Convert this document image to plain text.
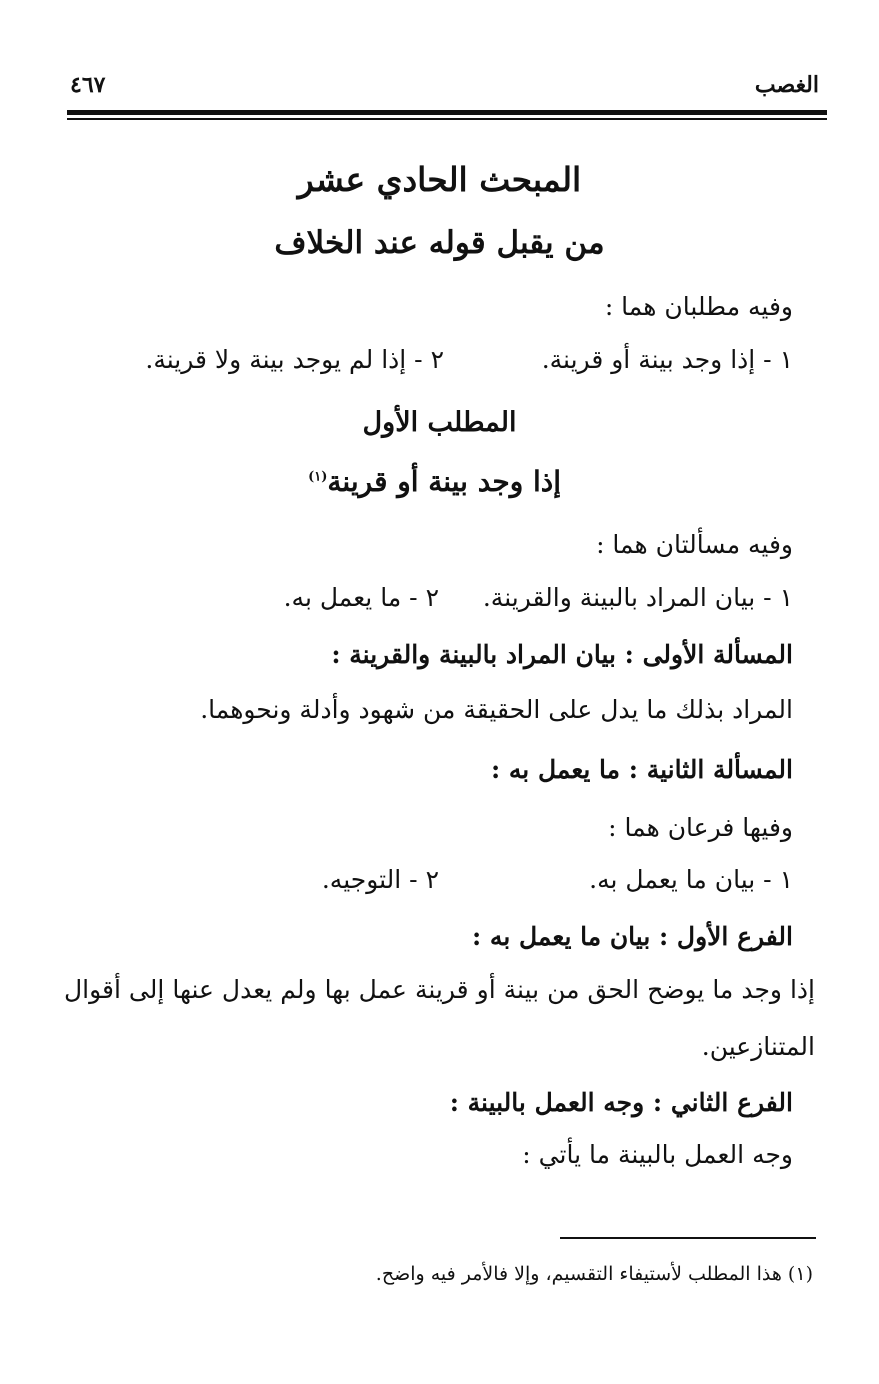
٤٦٧	الغصب
المبحث الحادي عشر
من يقبل قوله عند الخلاف
وفيه مطلبان هما :
١ - إذا وجد بينة أو قرينة.
٢ - إذا لم يوجد بينة ولا قرينة.
المطلب الأول
إذا وجد بينة أو قرينة$^{(١)}$
وفيه مسألتان هما :
١ - بيان المراد بالبينة والقرينة.
٢ - ما يعمل به.
المسألة الأولى : بيان المراد بالبينة والقرينة :
المراد بذلك ما يدل على الحقيقة من شهود وأدلة ونحوهما.
المسألة الثانية : ما يعمل به :
وفيها فرعان هما :
١ - بيان ما يعمل به.
٢ - التوجيه.
الفرع الأول : بيان ما يعمل به :
إذا وجد ما يوضح الحق من بينة أو قرينة عمل بها ولم يعدل عنها إلى أقوال
المتنازعين.
الفرع الثاني : وجه العمل بالبينة :
وجه العمل بالبينة ما يأتي :
(١) هذا المطلب لأستيفاء التقسيم، وإلا فالأمر فيه واضح.
